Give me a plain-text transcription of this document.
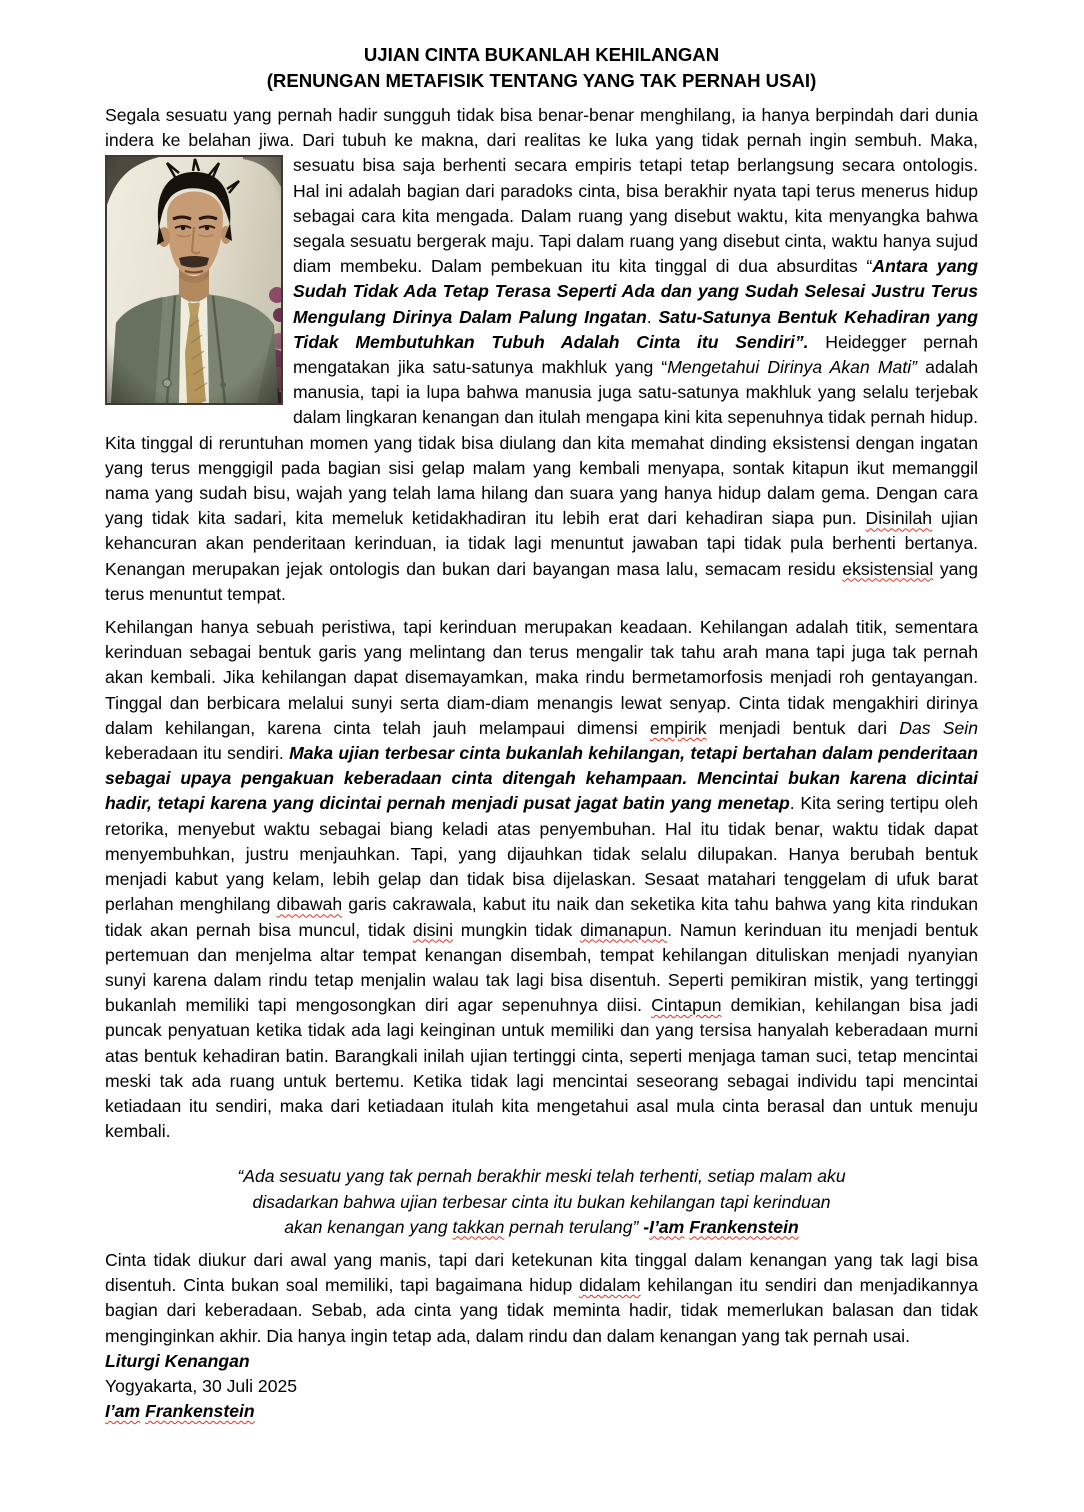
UJIAN CINTA BUKANLAH KEHILANGAN
(RENUNGAN METAFISIK TENTANG YANG TAK PERNAH USAI)

Segala sesuatu yang pernah hadir sungguh tidak bisa benar-benar menghilang, ia hanya berpindah dari dunia indera ke belahan jiwa. Dari tubuh ke makna, dari realitas ke luka yang tidak pernah ingin sembuh. Maka, sesuatu bisa saja berhenti secara empiris tetapi tetap berlangsung
secara ontologis. Hal ini adalah bagian dari paradoks cinta, bisa berakhir nyata tapi terus menerus hidup sebagai cara kita mengada. Dalam ruang yang disebut waktu, kita menyangka bahwa segala sesuatu bergerak maju. Tapi dalam ruang yang disebut cinta, waktu hanya sujud diam membeku. Dalam pembekuan itu kita tinggal di dua absurditas “Antara yang Sudah Tidak Ada Tetap Terasa Seperti Ada dan yang Sudah Selesai Justru Terus Mengulang Dirinya Dalam Palung Ingatan. Satu-Satunya Bentuk Kehadiran yang Tidak Membutuhkan Tubuh Adalah Cinta itu Sendiri”. Heidegger pernah mengatakan jika satu-satunya makhluk yang “Mengetahui Dirinya Akan Mati” adalah manusia, tapi ia lupa bahwa manusia juga satu-satunya makhluk yang selalu terjebak dalam lingkaran kenangan dan itulah mengapa kini kita sepenuhnya tidak pernah hidup. Kita tinggal di reruntuhan momen yang tidak bisa diulang dan kita memahat dinding eksistensi dengan ingatan yang terus menggigil pada bagian sisi gelap malam yang kembali menyapa, sontak kitapun ikut memanggil nama yang sudah bisu, wajah yang telah lama hilang dan suara yang hanya hidup dalam gema. Dengan cara yang tidak kita sadari, kita memeluk ketidakhadiran itu lebih erat dari kehadiran siapa pun. Disinilah ujian kehancuran akan penderitaan kerinduan, ia tidak lagi menuntut jawaban tapi tidak pula berhenti bertanya. Kenangan merupakan jejak ontologis dan bukan dari bayangan masa lalu, semacam residu eksistensial yang terus menuntut tempat.

Kehilangan hanya sebuah peristiwa, tapi kerinduan merupakan keadaan. Kehilangan adalah titik, sementara kerinduan sebagai bentuk garis yang melintang dan terus mengalir tak tahu arah mana tapi juga tak pernah akan kembali. Jika kehilangan dapat disemayamkan, maka rindu bermetamorfosis menjadi roh gentayangan. Tinggal dan berbicara melalui sunyi serta diam-diam menangis lewat senyap. Cinta tidak mengakhiri dirinya dalam kehilangan, karena cinta telah jauh melampaui dimensi empirik menjadi bentuk dari Das Sein keberadaan itu sendiri. Maka ujian terbesar cinta bukanlah kehilangan, tetapi bertahan dalam penderitaan sebagai upaya pengakuan keberadaan cinta ditengah kehampaan. Mencintai bukan karena dicintai hadir, tetapi karena yang dicintai pernah menjadi pusat jagat batin yang menetap. Kita sering tertipu oleh retorika, menyebut waktu sebagai biang keladi atas penyembuhan. Hal itu tidak benar, waktu tidak dapat menyembuhkan, justru menjauhkan. Tapi, yang dijauhkan tidak selalu dilupakan. Hanya berubah bentuk menjadi kabut yang kelam, lebih gelap dan tidak bisa dijelaskan. Sesaat matahari tenggelam di ufuk barat perlahan menghilang dibawah garis cakrawala, kabut itu naik dan seketika kita tahu bahwa yang kita rindukan tidak akan pernah bisa muncul, tidak disini mungkin tidak dimanapun. Namun kerinduan itu menjadi bentuk pertemuan dan menjelma altar tempat kenangan disembah, tempat kehilangan dituliskan menjadi nyanyian sunyi karena dalam rindu tetap menjalin walau tak lagi bisa disentuh. Seperti pemikiran mistik, yang tertinggi bukanlah memiliki tapi mengosongkan diri agar sepenuhnya diisi. Cintapun demikian, kehilangan bisa jadi puncak penyatuan ketika tidak ada lagi keinginan untuk memiliki dan yang tersisa hanyalah keberadaan murni atas bentuk kehadiran batin. Barangkali inilah ujian tertinggi cinta, seperti menjaga taman suci, tetap mencintai meski tak ada ruang untuk bertemu. Ketika tidak lagi mencintai seseorang sebagai individu tapi mencintai ketiadaan itu sendiri, maka dari ketiadaan itulah kita mengetahui asal mula cinta berasal dan untuk menuju kembali.

“Ada sesuatu yang tak pernah berakhir meski telah terhenti, setiap malam aku
disadarkan bahwa ujian terbesar cinta itu bukan kehilangan tapi kerinduan
akan kenangan yang takkan pernah terulang” -I’am Frankenstein

Cinta tidak diukur dari awal yang manis, tapi dari ketekunan kita tinggal dalam kenangan yang tak lagi bisa disentuh. Cinta bukan soal memiliki, tapi bagaimana hidup didalam kehilangan itu sendiri dan menjadikannya bagian dari keberadaan. Sebab, ada cinta yang tidak meminta hadir, tidak memerlukan balasan dan tidak menginginkan akhir. Dia hanya ingin tetap ada, dalam rindu dan dalam kenangan yang tak pernah usai.

Liturgi Kenangan

Yogyakarta, 30 Juli 2025

I’am Frankenstein
